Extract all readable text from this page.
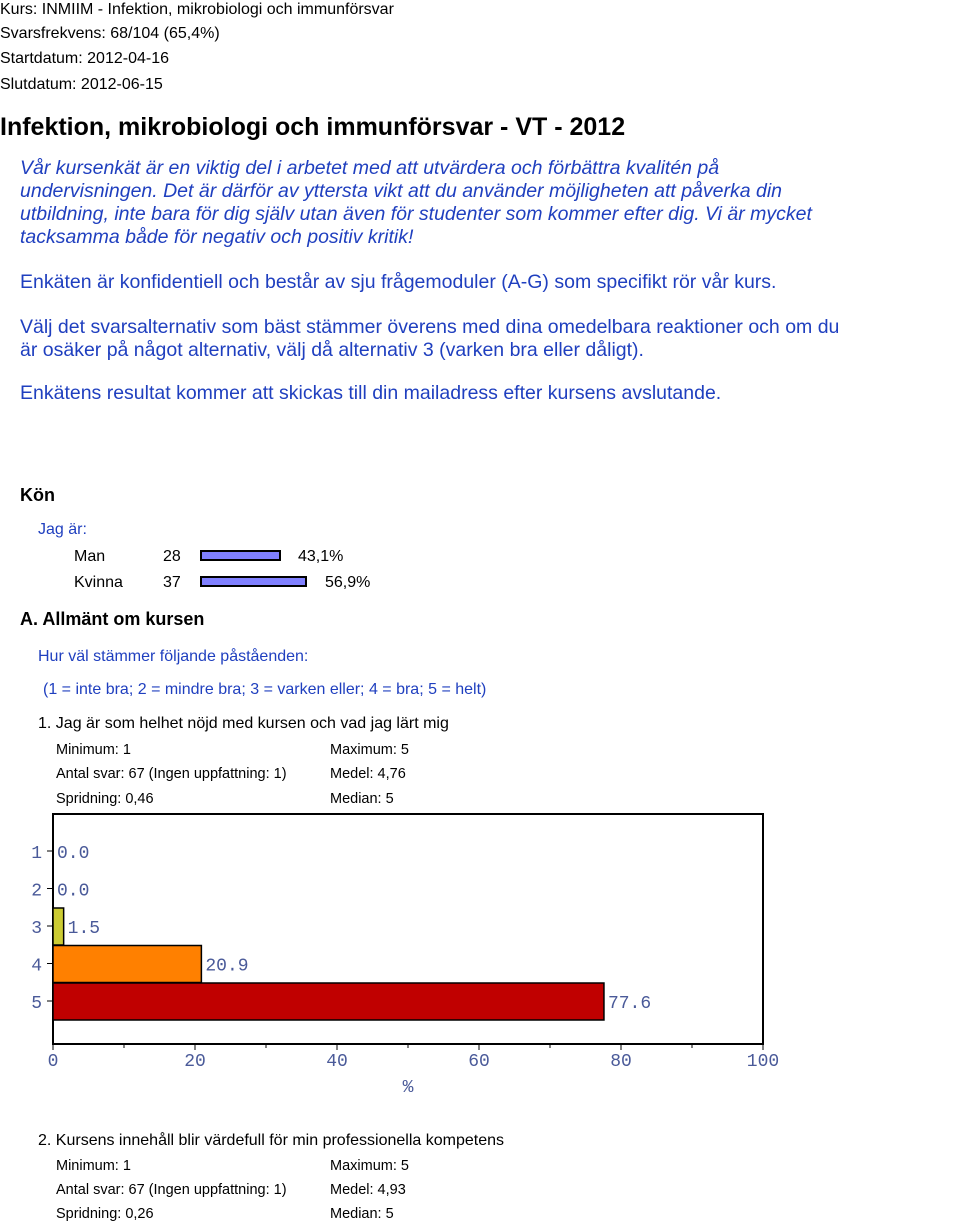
Kurs: INMIIM - Infektion, mikrobiologi och immunförsvar
Svarsfrekvens: 68/104 (65,4%)
Startdatum: 2012-04-16
Slutdatum: 2012-06-15
Infektion, mikrobiologi och immunförsvar - VT - 2012
Vår kursenkät är en viktig del i arbetet med att utvärdera och förbättra kvalitén på
undervisningen. Det är därför av yttersta vikt att du använder möjligheten att påverka din
utbildning, inte bara för dig själv utan även för studenter som kommer efter dig. Vi är mycket
tacksamma både för negativ och positiv kritik!
Enkäten är konfidentiell och består av sju frågemoduler (A-G) som specifikt rör vår kurs.
Välj det svarsalternativ som bäst stämmer överens med dina omedelbara reaktioner och om du
är osäker på något alternativ, välj då alternativ 3 (varken bra eller dåligt).
Enkätens resultat kommer att skickas till din mailadress efter kursens avslutande.
Kön
Jag är:
Man	28	43,1%
Kvinna	37	56,9%
A. Allmänt om kursen
Hur väl stämmer följande påståenden:
(1 = inte bra; 2 = mindre bra; 3 = varken eller; 4 = bra; 5 = helt)
1. Jag är som helhet nöjd med kursen och vad jag lärt mig
Minimum: 1	Maximum: 5
Antal svar: 67 (Ingen uppfattning: 1)	Medel: 4,76
Spridning: 0,46	Median: 5
1 0.0
2 0.0
3 1.5
4	20.9
5	77.6
0	20	40	60	80	100
%
2. Kursens innehåll blir värdefull för min professionella kompetens
Minimum: 1	Maximum: 5
Antal svar: 67 (Ingen uppfattning: 1)	Medel: 4,93
Spridning: 0,26	Median: 5
